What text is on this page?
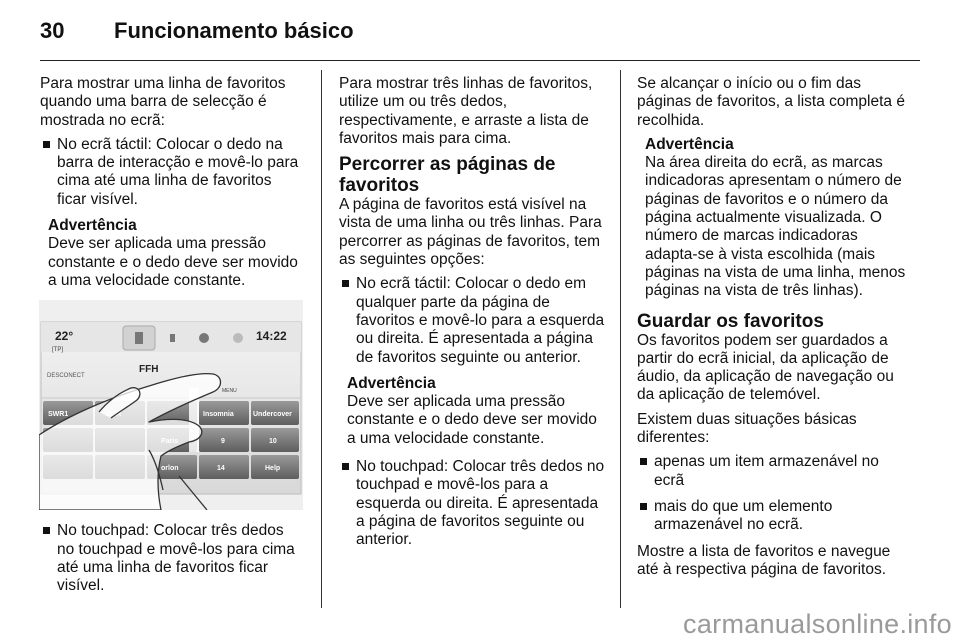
30 Funcionamento básico

Para mostrar uma linha de favoritos quando uma barra de selecção é mostrada no ecrã:

No ecrã táctil: Colocar o dedo na barra de interacção e movê-lo para cima até uma linha de favoritos ficar visível.
Advertência
Deve ser aplicada uma pressão constante e o dedo deve ser movido a uma velocidade constante.
22°
[TP]
14:22
DESCONECT
FFH
MENU
SWR1	Insomnia	Undercover
9	10
orlon	14	Help
No touchpad: Colocar três dedos no touchpad e movê-los para cima até uma linha de favoritos ficar visível.

Para mostrar três linhas de favoritos, utilize um ou três dedos, respectivamente, e arraste a lista de favoritos mais para cima.

Percorrer as páginas de favoritos

A página de favoritos está visível na vista de uma linha ou três linhas. Para percorrer as páginas de favoritos, tem as seguintes opções:

No ecrã táctil: Colocar o dedo em qualquer parte da página de favoritos e movê-lo para a esquerda ou direita. É apresentada a página de favoritos seguinte ou anterior.
Advertência
Deve ser aplicada uma pressão constante e o dedo deve ser movido a uma velocidade constante.
No touchpad: Colocar três dedos no touchpad e movê-los para a esquerda ou direita. É apresentada a página de favoritos seguinte ou anterior.

Se alcançar o início ou o fim das páginas de favoritos, a lista completa é recolhida.

Advertência
Na área direita do ecrã, as marcas indicadoras apresentam o número de páginas de favoritos e o número da página actualmente visualizada. O número de marcas indicadoras adapta-se à vista escolhida (mais páginas na vista de uma linha, menos páginas na vista de três linhas).
Guardar os favoritos

Os favoritos podem ser guardados a partir do ecrã inicial, da aplicação de áudio, da aplicação de navegação ou da aplicação de telemóvel.

Existem duas situações básicas diferentes:

apenas um item armazenável no ecrã
mais do que um elemento armazenável no ecrã.

Mostre a lista de favoritos e navegue até à respectiva página de favoritos.

carmanualsonline.info
